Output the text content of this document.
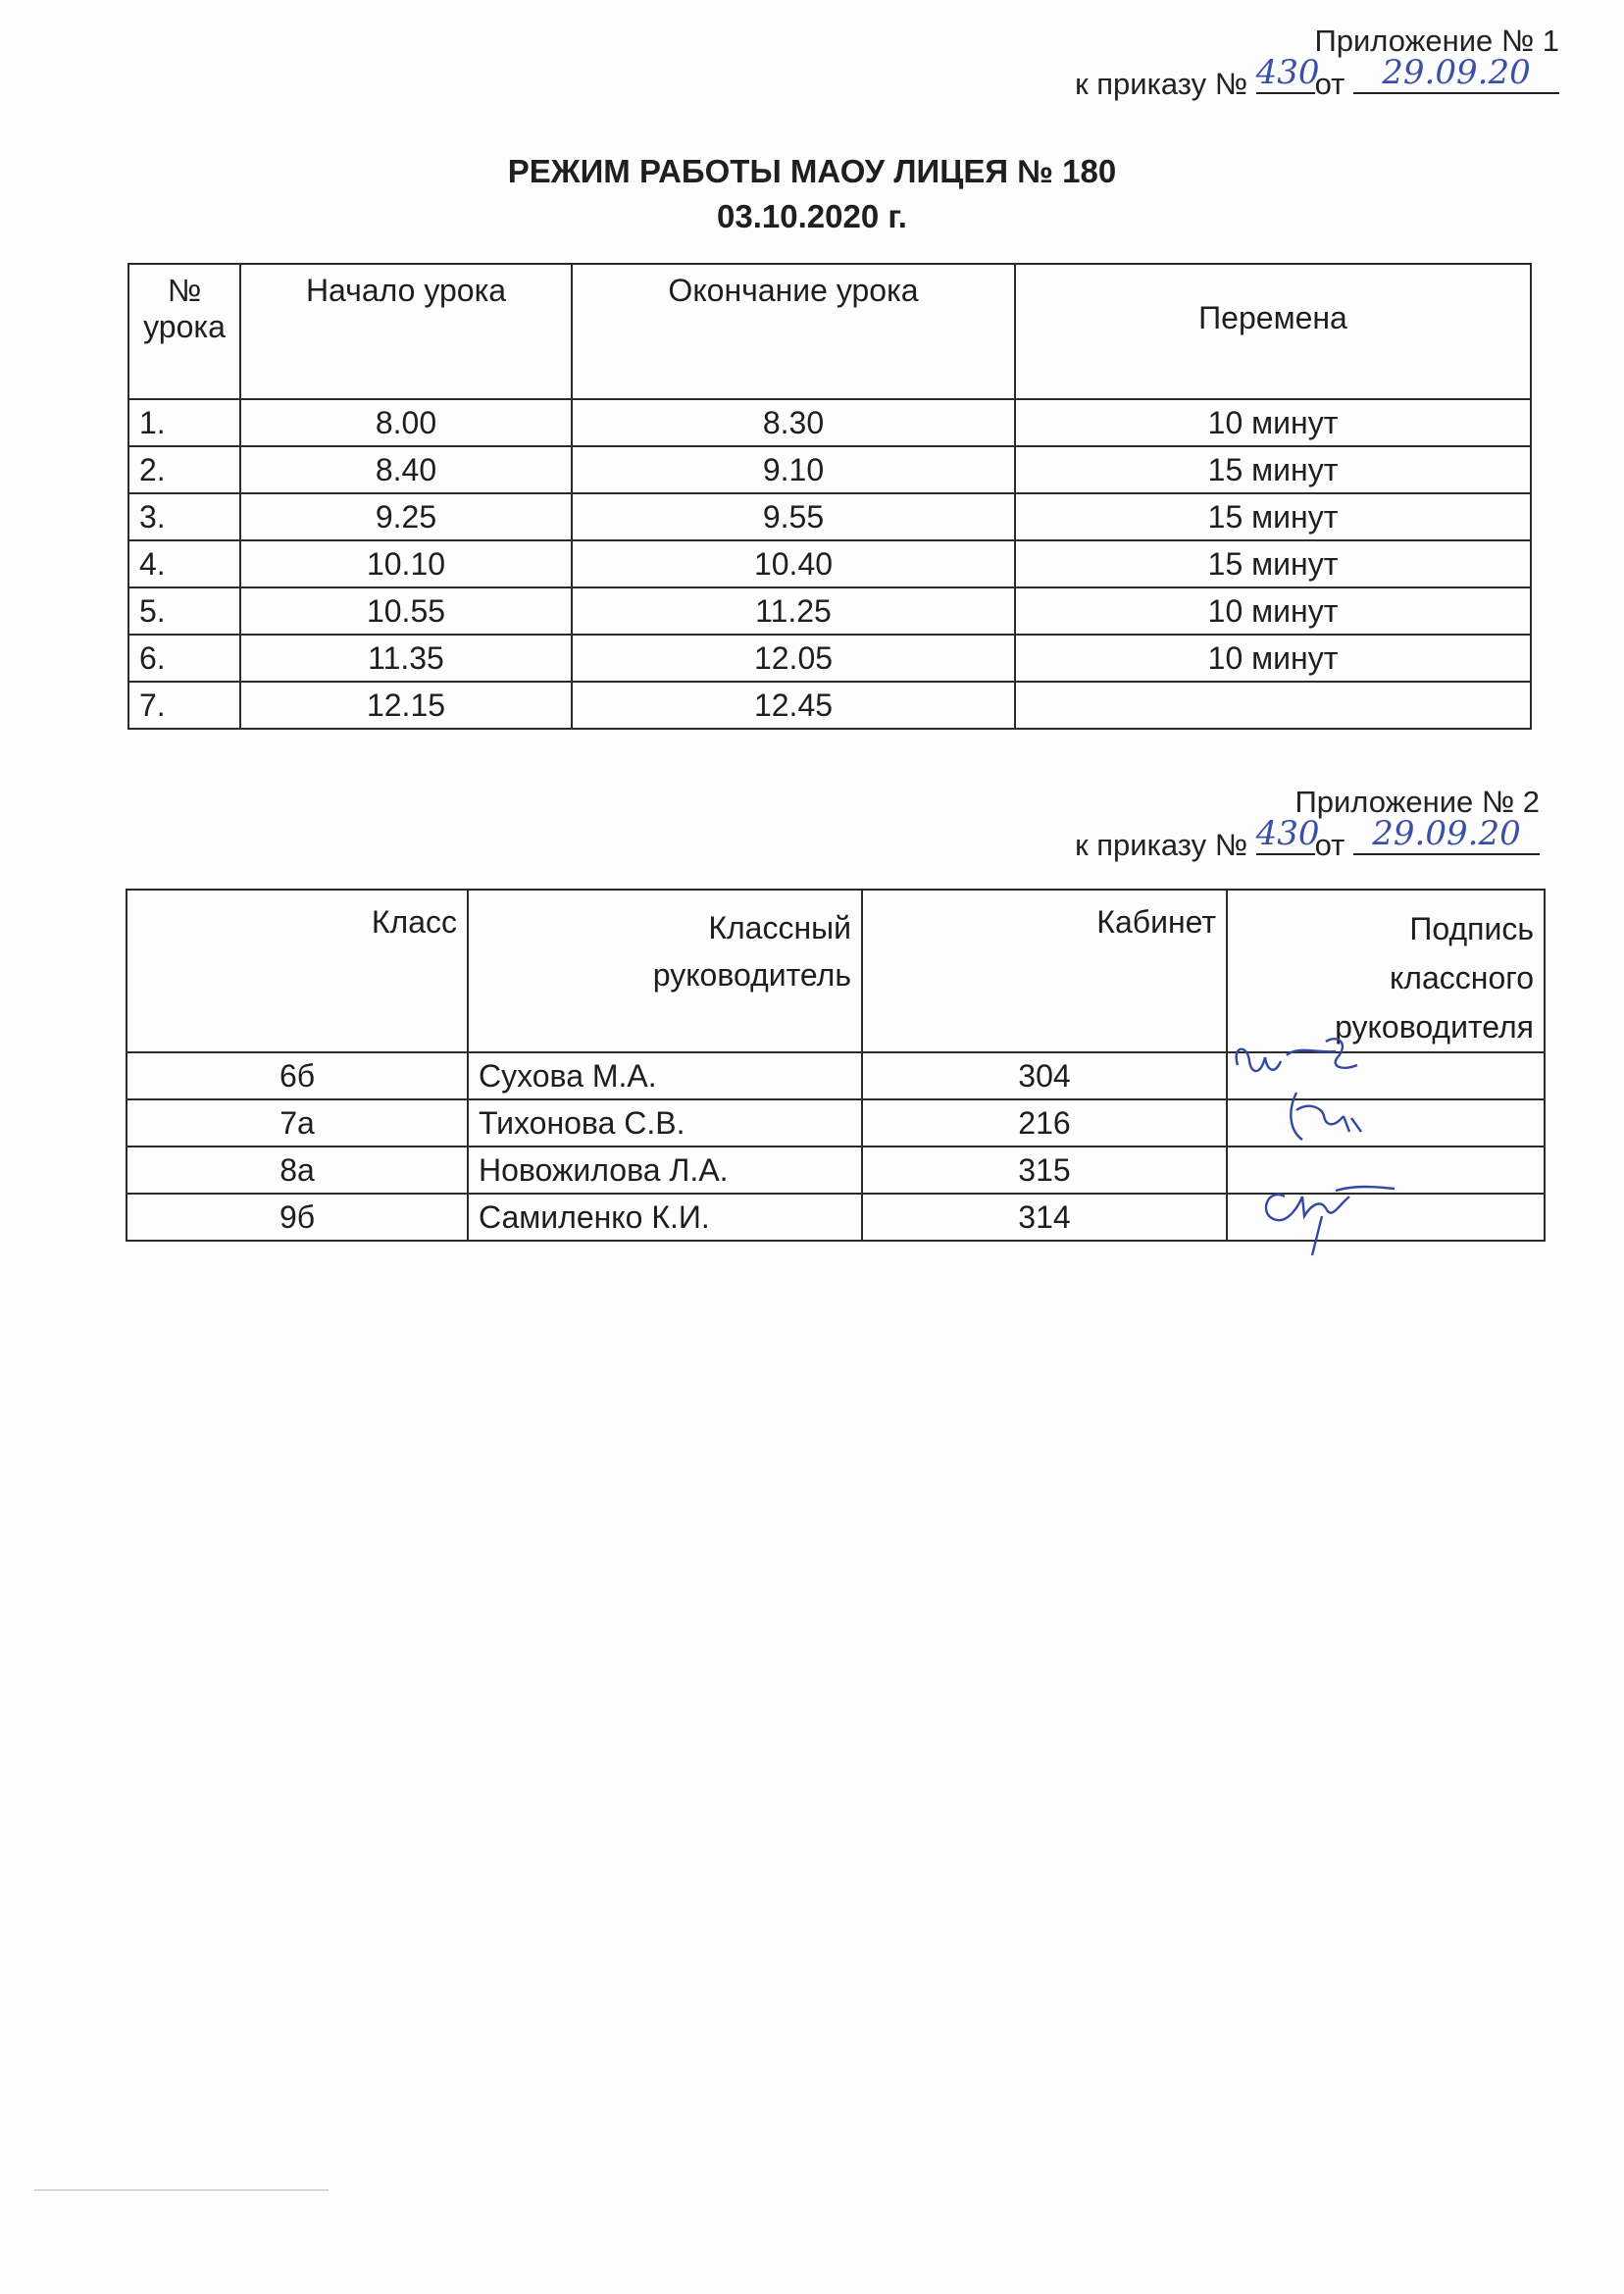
Приложение № 1
к приказу № 430
от	29.09.20
РЕЖИМ РАБОТЫ МАОУ ЛИЦЕЯ № 180
03.10.2020 г.
№ урока	Начало урока	Окончание урока	Перемена
1.	8.00	8.30	10 минут
2.	8.40	9.10	15 минут
3.	9.25	9.55	15 минут
4.	10.10	10.40	15 минут
5.	10.55	11.25	10 минут
6.	11.35	12.05	10 минут
7.	12.15	12.45	
Приложение № 2
к приказу № 430
от 29.09.20
Класс	Классный руководитель	Кабинет	Подпись классного руководителя
6б	Сухова М.А.	304	

7а	Тихонова С.В.	216	

8а	Новожилова Л.А.	315	
9б	Самиленко К.И.	314	
